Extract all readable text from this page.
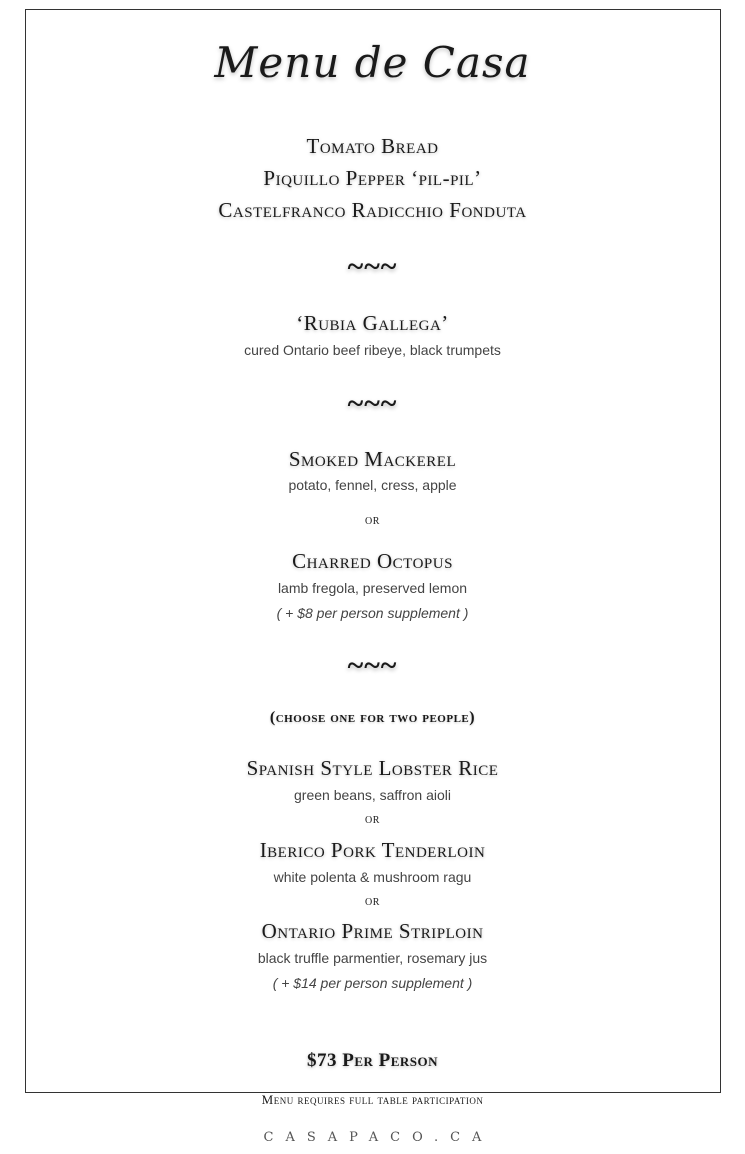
Menu de Casa
Tomato Bread
Piquillo Pepper ‘pil-pil’
Castelfranco Radicchio Fonduta
~~~
‘Rubia Gallega’
cured Ontario beef ribeye, black trumpets
~~~
Smoked Mackerel
potato, fennel, cress, apple
or
Charred Octopus
lamb fregola, preserved lemon
( + $8 per person supplement )
~~~
(choose one for two people)
Spanish Style Lobster Rice
green beans, saffron aioli
or
Iberico Pork Tenderloin
white polenta & mushroom ragu
or
Ontario Prime Striploin
black truffle parmentier, rosemary jus
( + $14 per person supplement )
$73 Per Person
Menu requires full table participation
CASAPACO.CA
